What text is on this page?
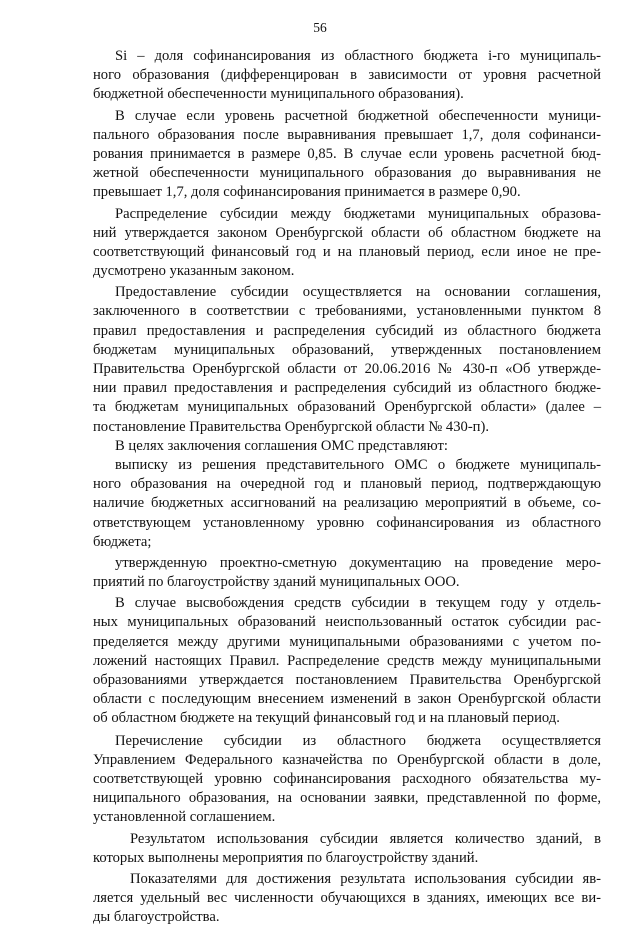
56
Si – доля софинансирования из областного бюджета i-го муниципаль-
ного образования (дифференцирован в зависимости от уровня расчетной
бюджетной обеспеченности муниципального образования).
В случае если уровень расчетной бюджетной обеспеченности муници-
пального образования после выравнивания превышает 1,7, доля софинанси-
рования принимается в размере 0,85. В случае если уровень расчетной бюд-
жетной обеспеченности муниципального образования до выравнивания не
превышает 1,7, доля софинансирования принимается в размере 0,90.
Распределение субсидии между бюджетами муниципальных образова-
ний утверждается законом Оренбургской области об областном бюджете на
соответствующий финансовый год и на плановый период, если иное не пре-
дусмотрено указанным законом.
Предоставление субсидии осуществляется на основании соглашения,
заключенного в соответствии с требованиями, установленными пунктом 8
правил предоставления и распределения субсидий из областного бюджета
бюджетам муниципальных образований, утвержденных постановлением
Правительства Оренбургской области от 20.06.2016 № 430-п «Об утвержде-
нии правил предоставления и распределения субсидий из областного бюдже-
та бюджетам муниципальных образований Оренбургской области» (далее –
постановление Правительства Оренбургской области № 430-п).
В целях заключения соглашения ОМС представляют:
выписку из решения представительного ОМС о бюджете муниципаль-
ного образования на очередной год и плановый период, подтверждающую
наличие бюджетных ассигнований на реализацию мероприятий в объеме, со-
ответствующем установленному уровню софинансирования из областного
бюджета;
утвержденную проектно-сметную документацию на проведение меро-
приятий по благоустройству зданий муниципальных ООО.
В случае высвобождения средств субсидии в текущем году у отдель-
ных муниципальных образований неиспользованный остаток субсидии рас-
пределяется между другими муниципальными образованиями с учетом по-
ложений настоящих Правил. Распределение средств между муниципальными
образованиями утверждается постановлением Правительства Оренбургской
области с последующим внесением изменений в закон Оренбургской области
об областном бюджете на текущий финансовый год и на плановый период.
Перечисление субсидии из областного бюджета осуществляется
Управлением Федерального казначейства по Оренбургской области в доле,
соответствующей уровню софинансирования расходного обязательства му-
ниципального образования, на основании заявки, представленной по форме,
установленной соглашением.
Результатом использования субсидии является количество зданий, в
которых выполнены мероприятия по благоустройству зданий.
Показателями для достижения результата использования субсидии яв-
ляется удельный вес численности обучающихся в зданиях, имеющих все ви-
ды благоустройства.
